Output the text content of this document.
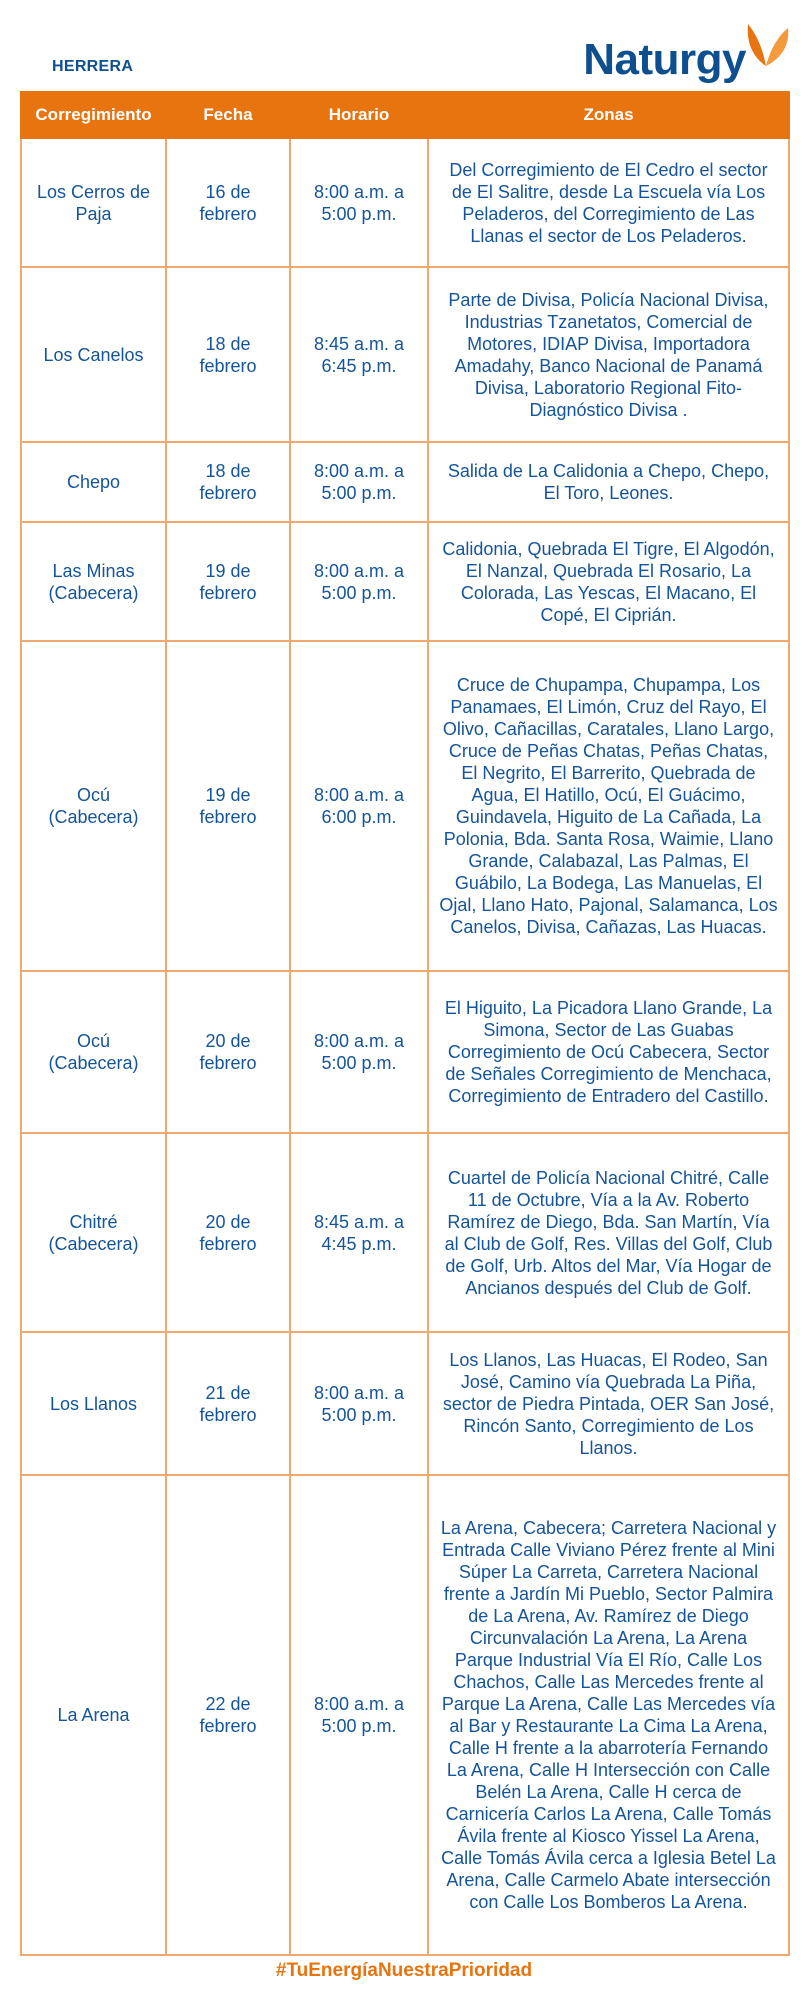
HERRERA	Naturgy
Corregimiento	Fecha	Horario	Zonas
Los Cerros de Paja	16 de febrero	8:00 a.m. a 5:00 p.m.	Del Corregimiento de El Cedro el sector de El Salitre, desde La Escuela vía Los Peladeros, del Corregimiento de Las Llanas el sector de Los Peladeros.
Los Canelos	18 de febrero	8:45 a.m. a 6:45 p.m.	Parte de Divisa, Policía Nacional Divisa, Industrias Tzanetatos, Comercial de Motores, IDIAP Divisa, Importadora Amadahy, Banco Nacional de Panamá Divisa, Laboratorio Regional Fito-Diagnóstico Divisa .
Chepo	18 de febrero	8:00 a.m. a 5:00 p.m.	Salida de La Calidonia a Chepo, Chepo, El Toro, Leones.
Las Minas (Cabecera)	19 de febrero	8:00 a.m. a 5:00 p.m.	Calidonia, Quebrada El Tigre, El Algodón, El Nanzal, Quebrada El Rosario, La Colorada, Las Yescas, El Macano, El Copé, El Ciprián.
Ocú (Cabecera)	19 de febrero	8:00 a.m. a 6:00 p.m.	Cruce de Chupampa, Chupampa, Los Panamaes, El Limón, Cruz del Rayo, El Olivo, Cañacillas, Caratales, Llano Largo, Cruce de Peñas Chatas, Peñas Chatas, El Negrito, El Barrerito, Quebrada de Agua, El Hatillo, Ocú, El Guácimo, Guindavela, Higuito de La Cañada, La Polonia, Bda. Santa Rosa, Waimie, Llano Grande, Calabazal, Las Palmas, El Guábilo, La Bodega, Las Manuelas, El Ojal, Llano Hato, Pajonal, Salamanca, Los Canelos, Divisa, Cañazas, Las Huacas.
Ocú (Cabecera)	20 de febrero	8:00 a.m. a 5:00 p.m.	El Higuito, La Picadora Llano Grande, La Simona, Sector de Las Guabas Corregimiento de Ocú Cabecera, Sector de Señales Corregimiento de Menchaca, Corregimiento de Entradero del Castillo.
Chitré (Cabecera)	20 de febrero	8:45 a.m. a 4:45 p.m.	Cuartel de Policía Nacional Chitré, Calle 11 de Octubre, Vía a la Av. Roberto Ramírez de Diego, Bda. San Martín, Vía al Club de Golf, Res. Villas del Golf, Club de Golf, Urb. Altos del Mar, Vía Hogar de Ancianos después del Club de Golf.
Los Llanos	21 de febrero	8:00 a.m. a 5:00 p.m.	Los Llanos, Las Huacas, El Rodeo, San José, Camino vía Quebrada La Piña, sector de Piedra Pintada, OER San José, Rincón Santo, Corregimiento de Los Llanos.
La Arena	22 de febrero	8:00 a.m. a 5:00 p.m.	La Arena, Cabecera; Carretera Nacional y Entrada Calle Viviano Pérez frente al Mini Súper La Carreta, Carretera Nacional frente a Jardín Mi Pueblo, Sector Palmira de La Arena, Av. Ramírez de Diego Circunvalación La Arena, La Arena Parque Industrial Vía El Río, Calle Los Chachos, Calle Las Mercedes frente al Parque La Arena, Calle Las Mercedes vía al Bar y Restaurante La Cima La Arena, Calle H frente a la abarrotería Fernando La Arena, Calle H Intersección con Calle Belén La Arena, Calle H cerca de Carnicería Carlos La Arena, Calle Tomás Ávila frente al Kiosco Yissel La Arena, Calle Tomás Ávila cerca a Iglesia Betel La Arena, Calle Carmelo Abate intersección con Calle Los Bomberos La Arena.
#TuEnergíaNuestraPrioridad
